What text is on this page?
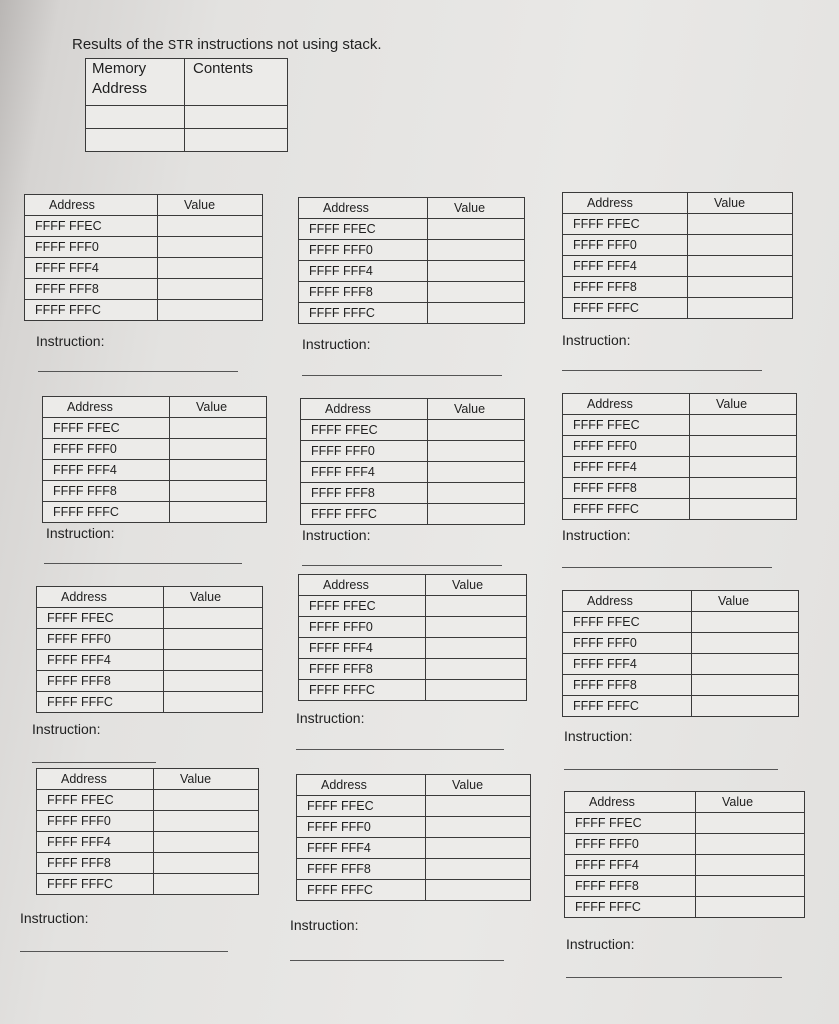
Results of the STR instructions not using stack.
Memory
Address	Contents

Address	Value
FFFF FFEC	
FFFF FFF0	
FFFF FFF4	
FFFF FFF8	
FFFF FFFC	
Instruction:
Address	Value
FFFF FFEC	
FFFF FFF0	
FFFF FFF4	
FFFF FFF8	
FFFF FFFC	
Instruction:
Address	Value
FFFF FFEC	
FFFF FFF0	
FFFF FFF4	
FFFF FFF8	
FFFF FFFC	
Instruction:
Address	Value
FFFF FFEC	
FFFF FFF0	
FFFF FFF4	
FFFF FFF8	
FFFF FFFC	
Instruction:
Address	Value
FFFF FFEC	
FFFF FFF0	
FFFF FFF4	
FFFF FFF8	
FFFF FFFC	
Instruction:
Address	Value
FFFF FFEC	
FFFF FFF0	
FFFF FFF4	
FFFF FFF8	
FFFF FFFC	
Instruction:
Address	Value
FFFF FFEC	
FFFF FFF0	
FFFF FFF4	
FFFF FFF8	
FFFF FFFC	
Instruction:
Address	Value
FFFF FFEC	
FFFF FFF0	
FFFF FFF4	
FFFF FFF8	
FFFF FFFC	
Instruction:
Address	Value
FFFF FFEC	
FFFF FFF0	
FFFF FFF4	
FFFF FFF8	
FFFF FFFC	
Instruction:
Address	Value
FFFF FFEC	
FFFF FFF0	
FFFF FFF4	
FFFF FFF8	
FFFF FFFC	
Instruction:
Address	Value
FFFF FFEC	
FFFF FFF0	
FFFF FFF4	
FFFF FFF8	
FFFF FFFC	
Instruction:
Address	Value
FFFF FFEC	
FFFF FFF0	
FFFF FFF4	
FFFF FFF8	
FFFF FFFC	
Instruction:
